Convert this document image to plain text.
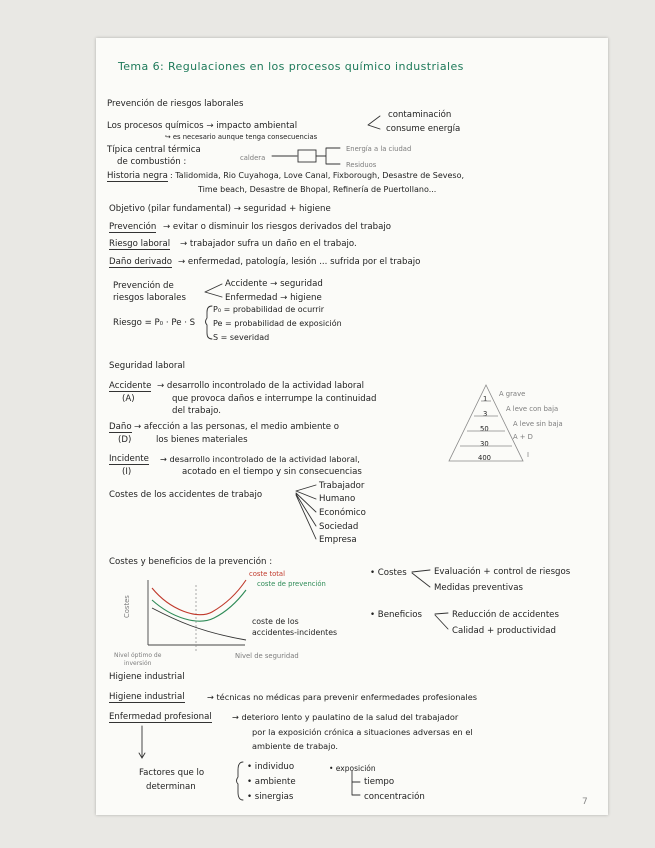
Tema 6: Regulaciones en los procesos químico industriales
Prevención de riesgos laborales
Los procesos químicos → impacto ambiental
contaminación
consume energía
↪ es necesario aunque tenga consecuencias
Típica central térmica
de combustión :	caldera
Energía a la ciudad
Residuos
Historia negra : Talidomida, Rio Cuyahoga, Love Canal, Fixborough, Desastre de Seveso,
Time beach, Desastre de Bhopal, Refinería de Puertollano...
Objetivo (pilar fundamental) → seguridad + higiene
Prevención → evitar o disminuir los riesgos derivados del trabajo
Riesgo laboral → trabajador sufra un daño en el trabajo.
Daño derivado → enfermedad, patología, lesión ... sufrida por el trabajo
Prevención de
riesgos laborales
Accidente → seguridad
Enfermedad → higiene
Riesgo = P₀ · Pe · S
P₀ = probabilidad de ocurrir
Pe = probabilidad de exposición
S = severidad
Seguridad laboral
Accidente
(A)
→ desarrollo incontrolado de la actividad laboral
que provoca daños e interrumpe la continuidad
del trabajo.
Daño
(D)
→ afección a las personas, el medio ambiente o
los bienes materiales
Incidente
(I)
→ desarrollo incontrolado de la actividad laboral,
acotado en el tiempo y sin consecuencias
1
3
50
30
400
A grave
A leve con baja
A leve sin baja
A + D
I
Costes de los accidentes de trabajo
Trabajador
Humano
Económico
Sociedad
Empresa
Costes y beneficios de la prevención :
coste total
coste de prevención
coste de los
accidentes-incidentes
Costes
Nivel de seguridad
Nivel óptimo de
inversión
• Costes	Evaluación + control de riesgos
Medidas preventivas
• Beneficios	Reducción de accidentes
Calidad + productividad
Higiene industrial
Higiene industrial	→ técnicas no médicas para prevenir enfermedades profesionales
Enfermedad profesional → deterioro lento y paulatino de la salud del trabajador
por la exposición crónica a situaciones adversas en el
ambiente de trabajo.
Factores que lo
determinan
• individuo
• ambiente
• sinergias
• exposición
tiempo
concentración	7
